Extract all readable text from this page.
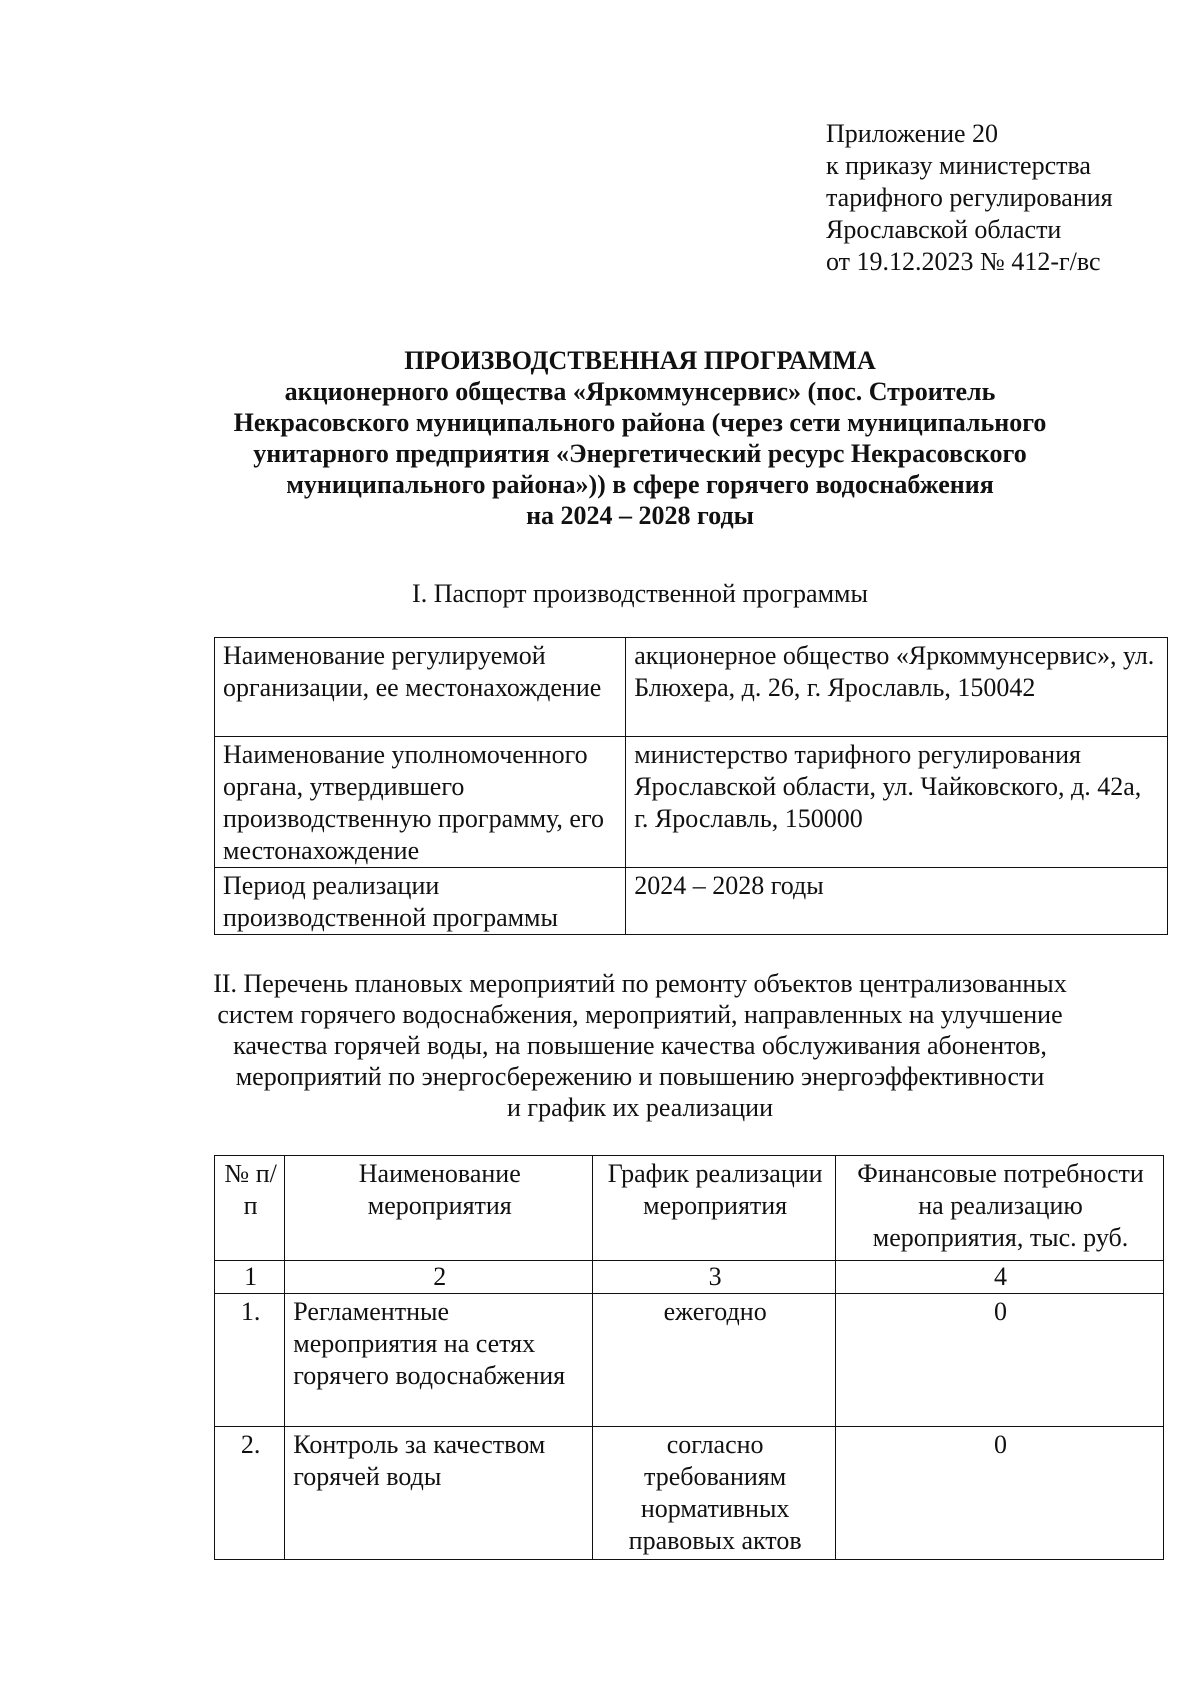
Приложение 20
к приказу министерства
тарифного регулирования
Ярославской области
от 19.12.2023 № 412-г/вс
ПРОИЗВОДСТВЕННАЯ ПРОГРАММА
акционерного общества «Яркоммунсервис» (пос. Строитель
Некрасовского муниципального района (через сети муниципального
унитарного предприятия «Энергетический ресурс Некрасовского
муниципального района»)) в сфере горячего водоснабжения
на 2024 – 2028 годы
I. Паспорт производственной программы
Наименование регулируемой организации, ее местонахождение	акционерное общество «Яркоммунсервис», ул. Блюхера, д. 26, г. Ярославль, 150042
Наименование уполномоченного органа, утвердившего производственную программу, его местонахождение	министерство тарифного регулирования Ярославской области, ул. Чайковского, д. 42а, г. Ярославль, 150000
Период реализации производственной программы	2024 – 2028 годы
II. Перечень плановых мероприятий по ремонту объектов централизованных
систем горячего водоснабжения, мероприятий, направленных на улучшение
качества горячей воды, на повышение качества обслуживания абонентов,
мероприятий по энергосбережению и повышению энергоэффективности
и график их реализации
№ п/п	Наименование мероприятия	График реализации мероприятия	Финансовые потребности на реализацию мероприятия, тыс. руб.
1	2	3	4
1.	Регламентные мероприятия на сетях горячего водоснабжения	ежегодно	0
2.	Контроль за качеством горячей воды	согласно требованиям нормативных правовых актов	0
